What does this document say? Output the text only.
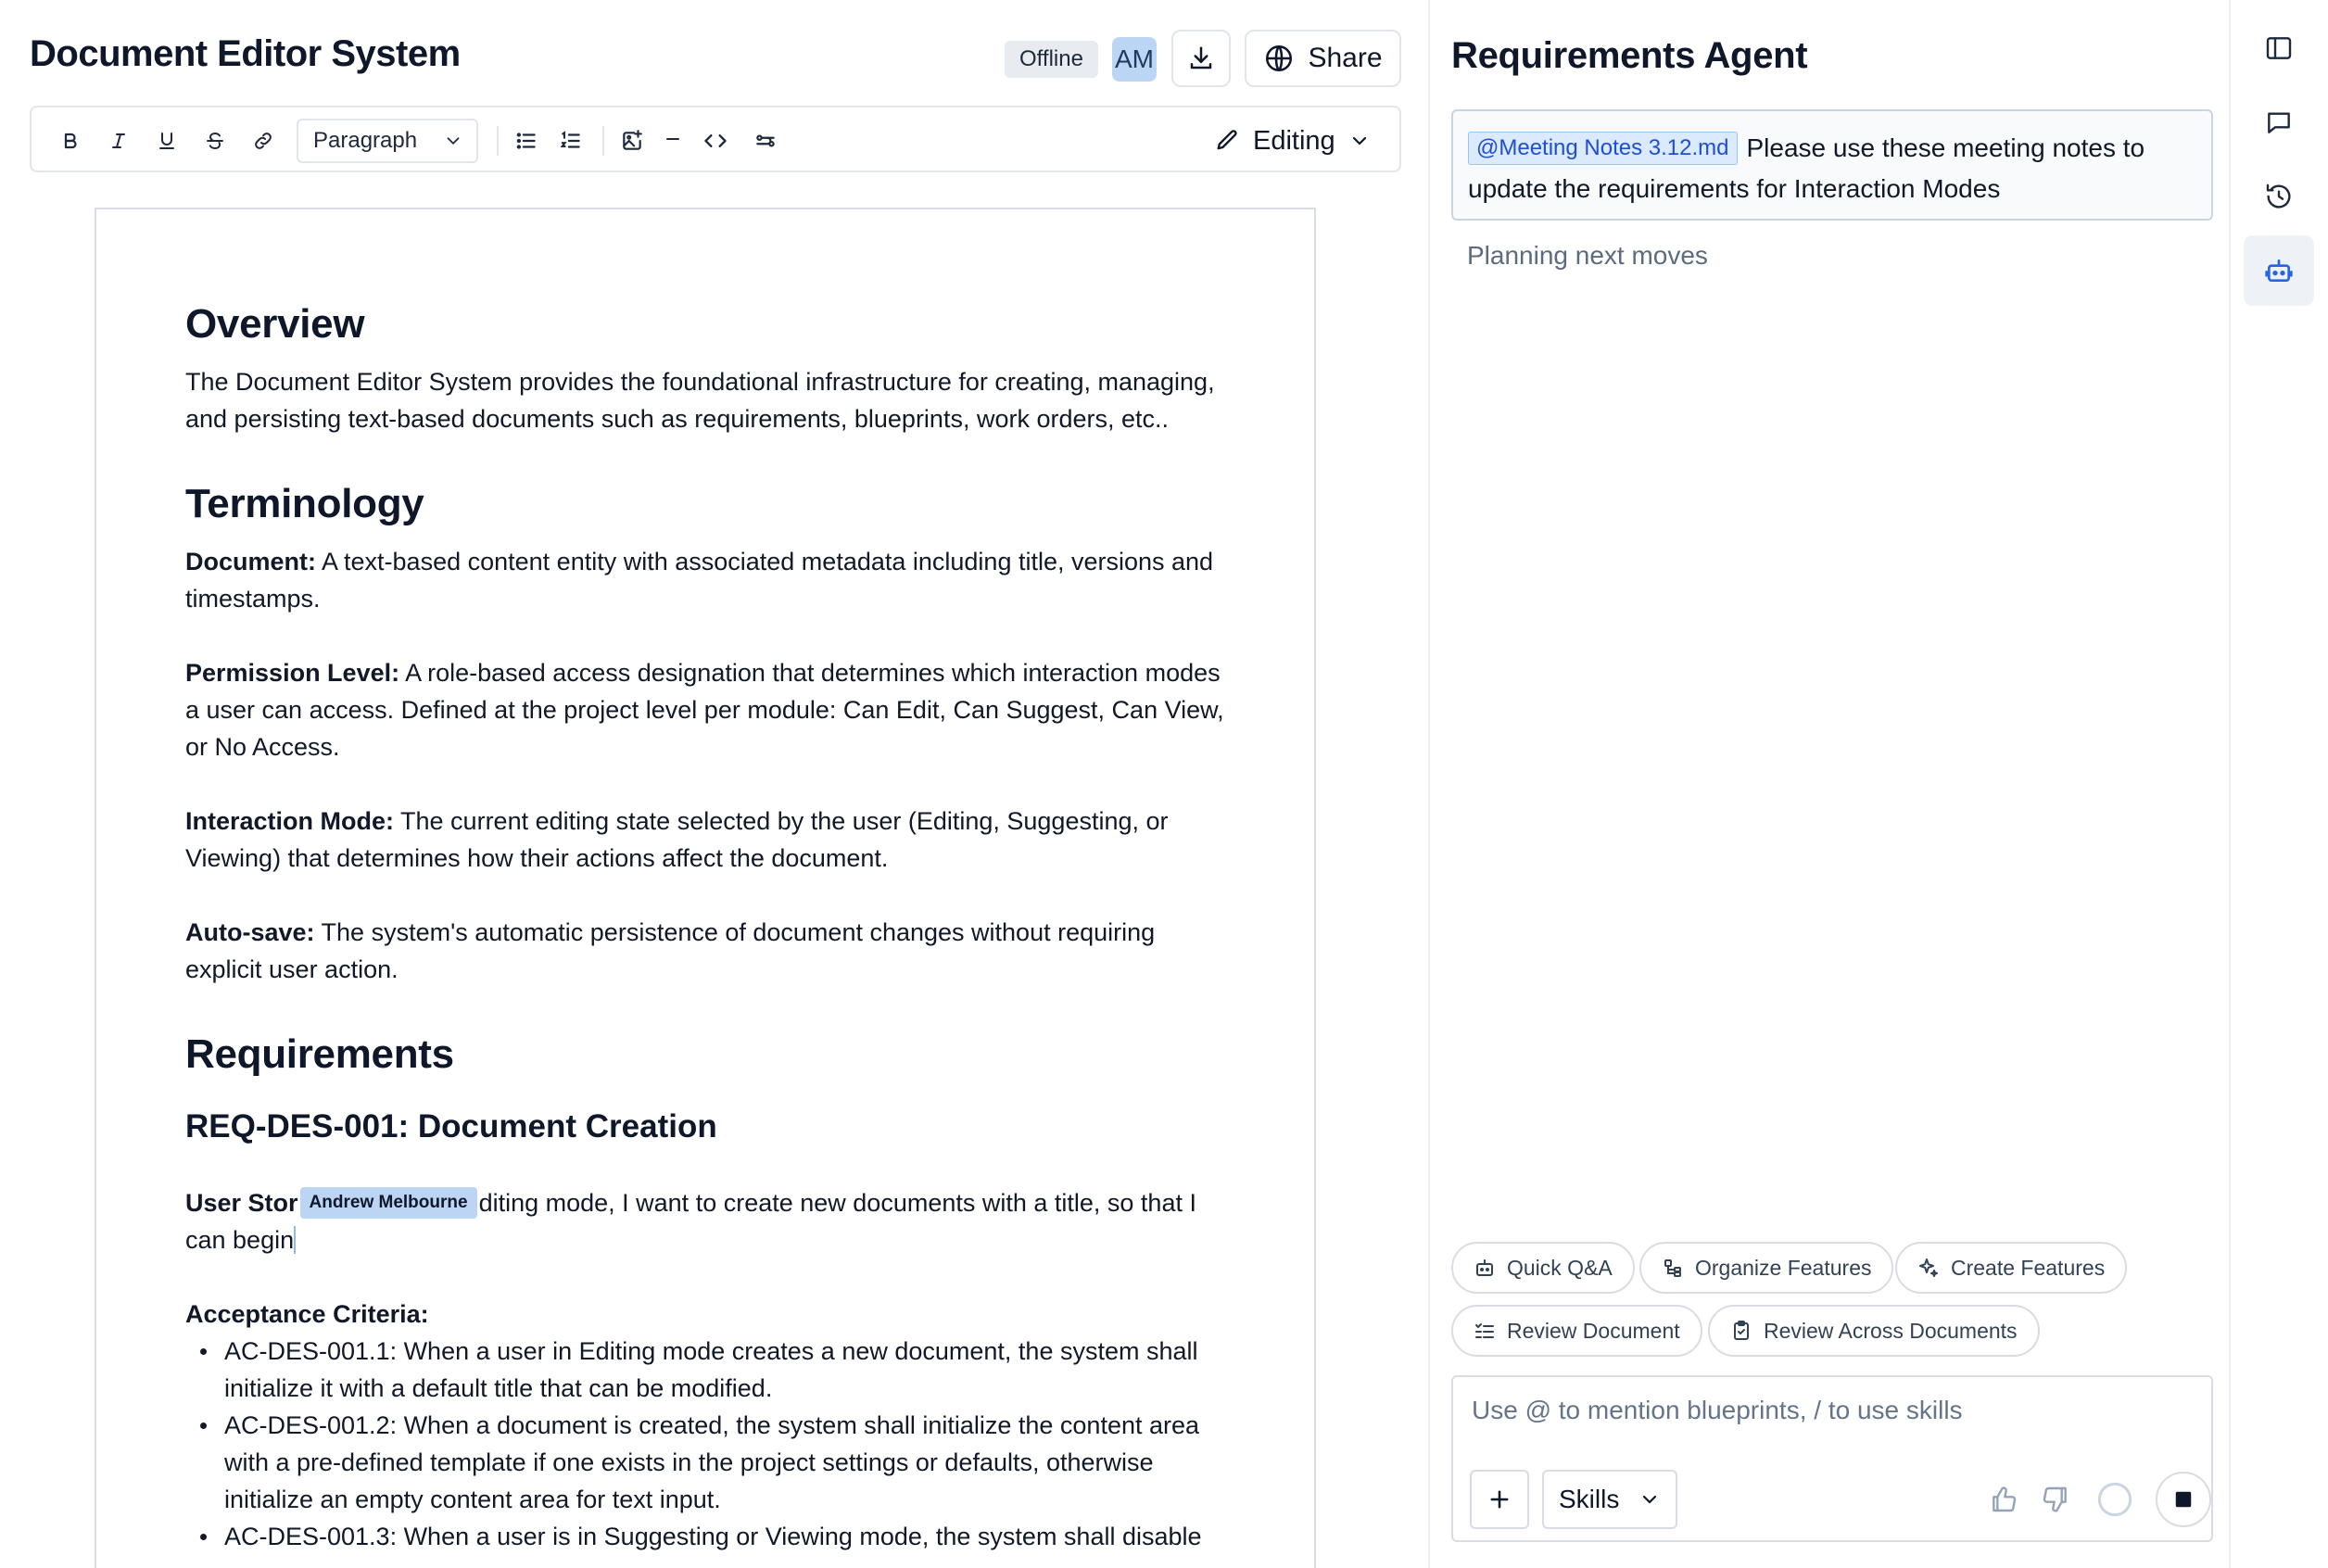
Document Editor System	Offline	AM	Share
Paragraph	Editing
Overview

The Document Editor System provides the foundational infrastructure for creating, managing, and persisting text-based documents such as requirements, blueprints, work orders, etc..

Terminology

Document: A text-based content entity with associated metadata including title, versions and timestamps.

Permission Level: A role-based access designation that determines which interaction modes a user can access. Defined at the project level per module: Can Edit, Can Suggest, Can View, or No Access.

Interaction Mode: The current editing state selected by the user (Editing, Suggesting, or Viewing) that determines how their actions affect the document.

Auto-save: The system's automatic persistence of document changes without requiring explicit user action.

Requirements
REQ-DES-001: Document Creation

User Stor Andrew Melbourne diting mode, I want to create new documents with a title, so that I can begin

Acceptance Criteria:

AC-DES-001.1: When a user in Editing mode creates a new document, the system shall initialize it with a default title that can be modified.
AC-DES-001.2: When a document is created, the system shall initialize the content area with a pre-defined template if one exists in the project settings or defaults, otherwise initialize an empty content area for text input.
AC-DES-001.3: When a user is in Suggesting or Viewing mode, the system shall disable
Requirements Agent
@Meeting Notes 3.12.md Please use these meeting notes to update the requirements for Interaction Modes
Planning next moves
Quick Q&A	Organize Features	Create Features
Review Document	Review Across Documents
Use @ to mention blueprints, / to use skills
Skills
